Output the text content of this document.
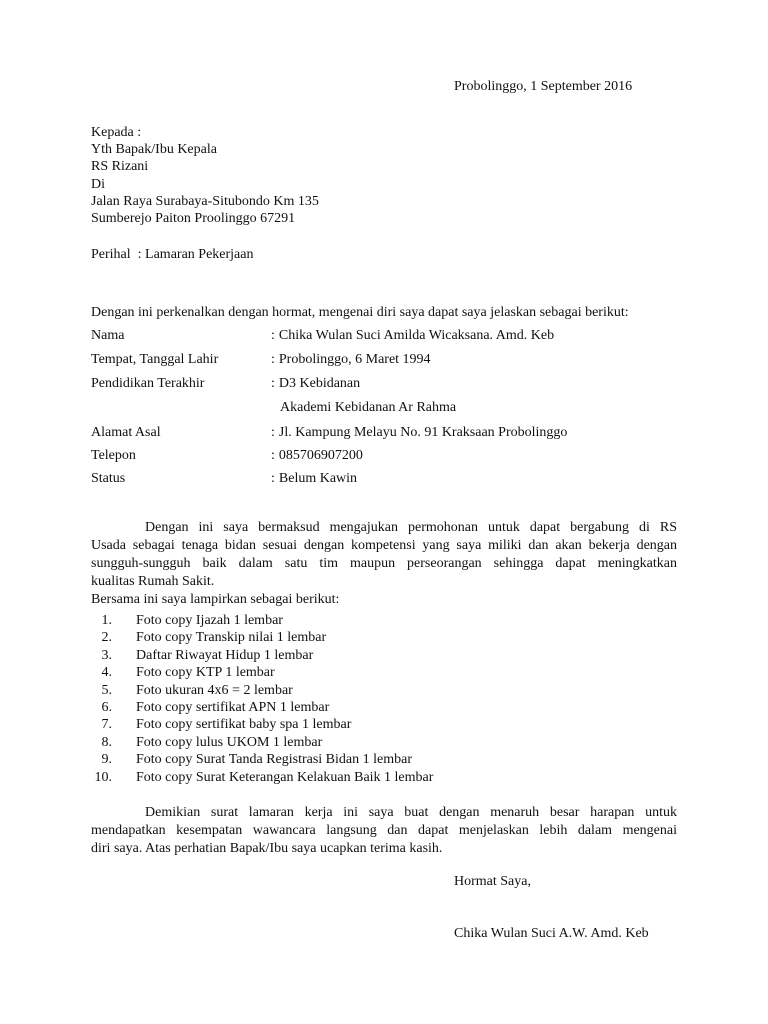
Probolinggo, 1 September 2016
Kepada :
Yth Bapak/Ibu Kepala
RS Rizani
Di
Jalan Raya Surabaya-Situbondo Km 135
Sumberejo Paiton Proolinggo 67291
Perihal  : Lamaran Pekerjaan
Dengan ini perkenalkan dengan hormat, mengenai diri saya dapat saya jelaskan sebagai berikut:
Nama	: Chika Wulan Suci Amilda Wicaksana. Amd. Keb
Tempat, Tanggal Lahir	: Probolinggo, 6 Maret 1994
Pendidikan Terakhir	: D3 Kebidanan
Akademi Kebidanan Ar Rahma
Alamat Asal	: Jl. Kampung Melayu No. 91 Kraksaan Probolinggo
Telepon	: 085706907200
Status	: Belum Kawin
Dengan ini saya bermaksud mengajukan permohonan untuk dapat bergabung di RS
Usada sebagai tenaga bidan sesuai dengan kompetensi yang saya miliki dan akan bekerja dengan
sungguh-sungguh baik dalam satu tim maupun perseorangan sehingga dapat meningkatkan
kualitas Rumah Sakit.
Bersama ini saya lampirkan sebagai berikut:
1. Foto copy Ijazah 1 lembar
2. Foto copy Transkip nilai 1 lembar
3. Daftar Riwayat Hidup 1 lembar
4. Foto copy KTP 1 lembar
5. Foto ukuran 4x6 = 2 lembar
6. Foto copy sertifikat APN 1 lembar
7. Foto copy sertifikat baby spa 1 lembar
8. Foto copy lulus UKOM 1 lembar
9. Foto copy Surat Tanda Registrasi Bidan 1 lembar
10. Foto copy Surat Keterangan Kelakuan Baik 1 lembar
Demikian surat lamaran kerja ini saya buat dengan menaruh besar harapan untuk
mendapatkan kesempatan wawancara langsung dan dapat menjelaskan lebih dalam mengenai
diri saya. Atas perhatian Bapak/Ibu saya ucapkan terima kasih.
Hormat Saya,
Chika Wulan Suci A.W. Amd. Keb
